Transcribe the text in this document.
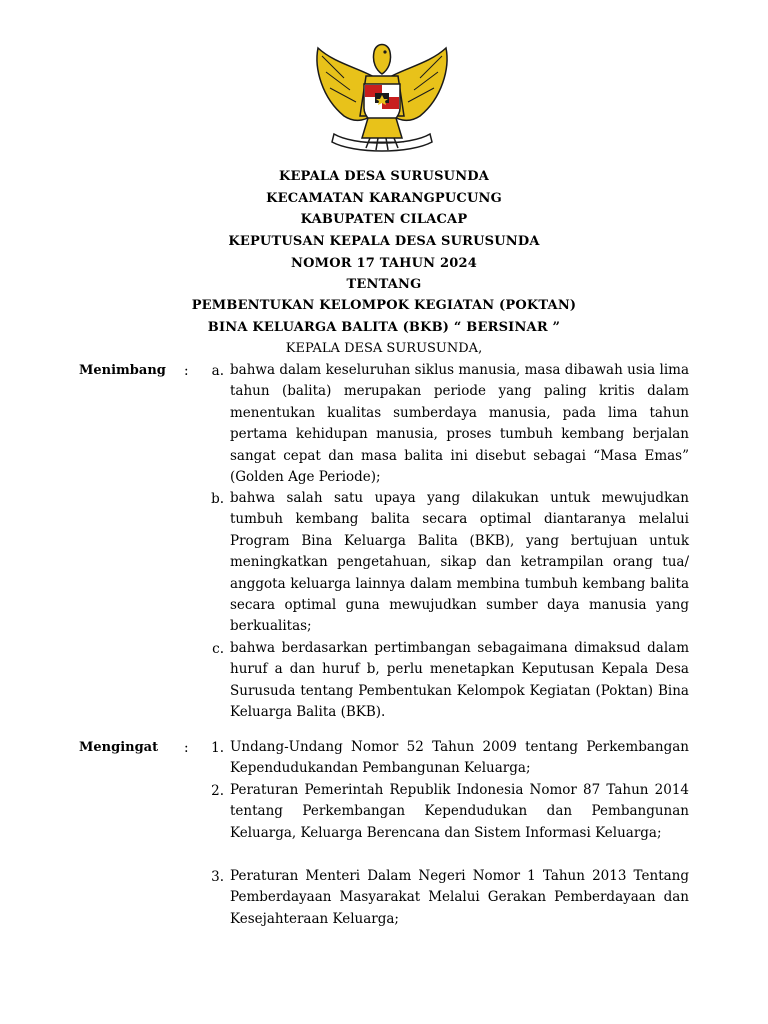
KEPALA DESA SURUSUNDA
KECAMATAN KARANGPUCUNG
KABUPATEN CILACAP
KEPUTUSAN KEPALA DESA SURUSUNDA
NOMOR 17 TAHUN 2024
TENTANG
PEMBENTUKAN KELOMPOK KEGIATAN (POKTAN)
BINA KELUARGA BALITA (BKB) “ BERSINAR ”
KEPALA DESA SURUSUNDA,
Menimbang :	a. bahwa dalam keseluruhan siklus manusia, masa dibawah usia lima tahun (balita) merupakan periode yang paling kritis dalam menentukan kualitas sumberdaya manusia, pada lima tahun pertama kehidupan manusia, proses tumbuh kembang berjalan sangat cepat dan masa balita ini disebut sebagai “Masa Emas” (Golden Age Periode);

b. bahwa salah satu upaya yang dilakukan untuk mewujudkan tumbuh kembang balita secara optimal diantaranya melalui Program Bina Keluarga Balita (BKB), yang bertujuan untuk meningkatkan pengetahuan, sikap dan ketrampilan orang tua/ anggota keluarga lainnya dalam membina tumbuh kembang balita secara optimal guna mewujudkan sumber daya manusia yang berkualitas;

c. bahwa berdasarkan pertimbangan sebagaimana dimaksud dalam huruf a dan huruf b, perlu menetapkan Keputusan Kepala Desa Surusuda tentang Pembentukan Kelompok Kegiatan (Poktan) Bina Keluarga Balita (BKB).

Mengingat :	1. Undang-Undang Nomor 52 Tahun 2009 tentang Perkembangan Kependudukandan Pembangunan Keluarga;

2. Peraturan Pemerintah Republik Indonesia Nomor 87 Tahun 2014 tentang Perkembangan Kependudukan dan Pembangunan Keluarga, Keluarga Berencana dan Sistem Informasi Keluarga;

3. Peraturan Menteri Dalam Negeri Nomor 1 Tahun 2013 Tentang Pemberdayaan Masyarakat Melalui Gerakan Pemberdayaan dan Kesejahteraan Keluarga;
